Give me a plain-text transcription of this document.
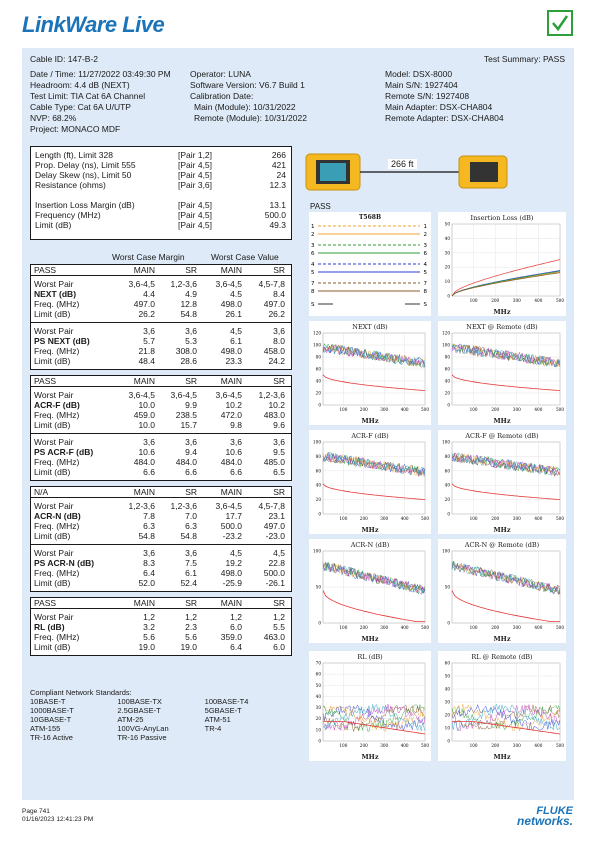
LinkWare Live
Cable ID: 147-B-2	Test Summary: PASS
Date / Time: 11/27/2022 03:49:30 PM
Headroom: 4.4 dB (NEXT)
Test Limit: TIA Cat 6A Channel
Cable Type: Cat 6A U/UTP
NVP: 68.2%
Project: MONACO MDF
Operator: LUNA
Software Version: V6.7 Build 1
Calibration Date:
Main (Module): 10/31/2022
Remote (Module): 10/31/2022
Model: DSX-8000
Main S/N: 1927404
Remote S/N: 1927408
Main Adapter: DSX-CHA804
Remote Adapter: DSX-CHA804
Length (ft), Limit 328	[Pair 1,2]	266
Prop. Delay (ns), Limit 555	[Pair 4,5]	421
Delay Skew (ns), Limit 50	[Pair 4,5]	24
Resistance (ohms)	[Pair 3,6]	12.3
Insertion Loss Margin (dB)	[Pair 4,5]	13.1
Frequency (MHz)	[Pair 4,5]	500.0
Limit (dB)	[Pair 4,5]	49.3
Worst Case Margin	Worst Case Value
PASS	MAIN	SR	MAIN	SR
Worst Pair	3,6-4,5	1,2-3,6	3,6-4,5	4,5-7,8
NEXT (dB)	4.4	4.9	4.5	8.4
Freq. (MHz)	497.0	12.8	498.0	497.0
Limit (dB)	26.2	54.8	26.1	26.2
Worst Pair	3,6	3,6	4,5	3,6
PS NEXT (dB)	5.7	5.3	6.1	8.0
Freq. (MHz)	21.8	308.0	498.0	458.0
Limit (dB)	48.4	28.6	23.3	24.2
PASS	MAIN	SR	MAIN	SR
Worst Pair	3,6-4,5	3,6-4,5	3,6-4,5	1,2-3,6
ACR-F (dB)	10.0	9.9	10.2	10.2
Freq. (MHz)	459.0	238.5	472.0	483.0
Limit (dB)	10.0	15.7	9.8	9.6
Worst Pair	3,6	3,6	3,6	3,6
PS ACR-F (dB)	10.6	9.4	10.6	9.5
Freq. (MHz)	484.0	484.0	484.0	485.0
Limit (dB)	6.6	6.6	6.6	6.5
N/A	MAIN	SR	MAIN	SR
Worst Pair	1,2-3,6	1,2-3,6	3,6-4,5	4,5-7,8
ACR-N (dB)	7.8	7.0	17.7	23.1
Freq. (MHz)	6.3	6.3	500.0	497.0
Limit (dB)	54.8	54.8	-23.2	-23.0
Worst Pair	3,6	3,6	4,5	4,5
PS ACR-N (dB)	8.3	7.5	19.2	22.8
Freq. (MHz)	6.4	6.1	498.0	500.0
Limit (dB)	52.0	52.4	-25.9	-26.1
PASS	MAIN	SR	MAIN	SR
Worst Pair	1,2	1,2	1,2	1,2
RL (dB)	3.2	2.3	6.0	5.5
Freq. (MHz)	5.6	5.6	359.0	463.0
Limit (dB)	19.0	19.0	6.4	6.0
Compliant Network Standards:
10BASE-T	100BASE-TX	100BASE-T4
1000BASE-T	2.5GBASE-T	5GBASE-T
10GBASE-T	ATM-25	ATM-51
ATM-155	100VG-AnyLan	TR-4
TR-16 Active	TR-16 Passive
266 ft
PASS
T568B
1	1
2	2
3	3
6	6
4	4
5	5
7	7
8	8
S	S
0
10
20
30
40
50
100	200	300	400	500
Insertion Loss (dB)
MHz
0
20
40
60
80
100
120
100	200	300	400	500
NEXT (dB)
MHz
0
20
40
60
80
100
120
100	200	300	400	500
NEXT @ Remote (dB)
MHz
0
20
40
60
80
100
100	200	300	400	500
ACR-F (dB)
MHz
0
20
40
60
80
100
100	200	300	400	500
ACR-F @ Remote (dB)
MHz
0
50
100
100	200	300	400	500
ACR-N (dB)
MHz
0
50
100
100	200	300	400	500
ACR-N @ Remote (dB)
MHz
0
10
20
30
40
50
60
70
100	200	300	400	500
RL (dB)
MHz
0
10
20
30
40
50
60
100	200	300	400	500
RL @ Remote (dB)
MHz
Page 741
01/16/2023 12:41:23 PM
FLUKE
networks.
